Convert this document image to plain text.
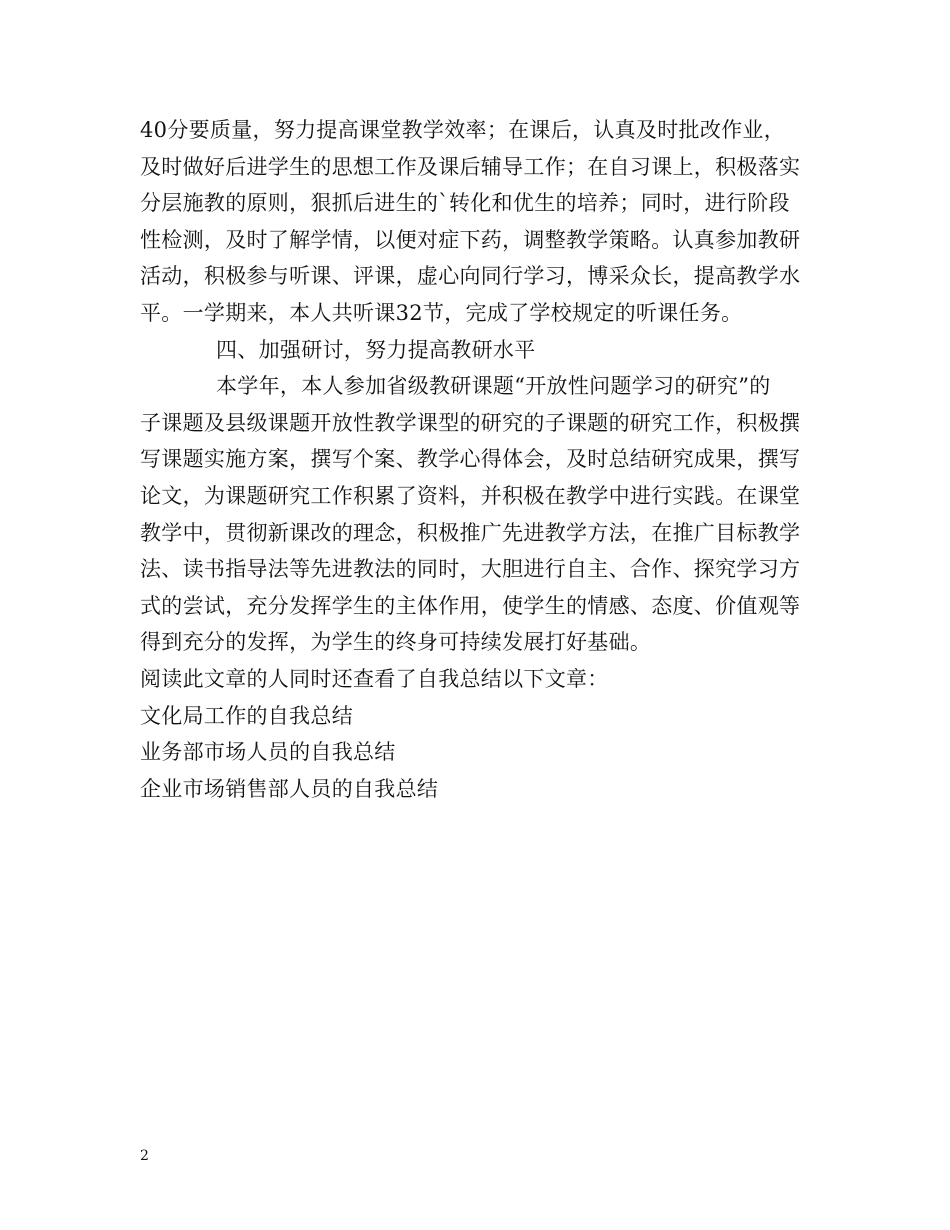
40分要质量，努力提高课堂教学效率；在课后，认真及时批改作业，
及时做好后进学生的思想工作及课后辅导工作；在自习课上，积极落实
分层施教的原则，狠抓后进生的`转化和优生的培养；同时，进行阶段
性检测，及时了解学情，以便对症下药，调整教学策略。认真参加教研
活动，积极参与听课、评课，虚心向同行学习，博采众长，提高教学水
平。一学期来，本人共听课32节，完成了学校规定的听课任务。
四、加强研讨，努力提高教研水平
本学年，本人参加省级教研课题“开放性问题学习的研究”的
子课题及县级课题开放性教学课型的研究的子课题的研究工作，积极撰
写课题实施方案，撰写个案、教学心得体会，及时总结研究成果，撰写
论文，为课题研究工作积累了资料，并积极在教学中进行实践。在课堂
教学中，贯彻新课改的理念，积极推广先进教学方法，在推广目标教学
法、读书指导法等先进教法的同时，大胆进行自主、合作、探究学习方
式的尝试，充分发挥学生的主体作用，使学生的情感、态度、价值观等
得到充分的发挥，为学生的终身可持续发展打好基础。
阅读此文章的人同时还查看了自我总结以下文章：
文化局工作的自我总结
业务部市场人员的自我总结
企业市场销售部人员的自我总结
2
